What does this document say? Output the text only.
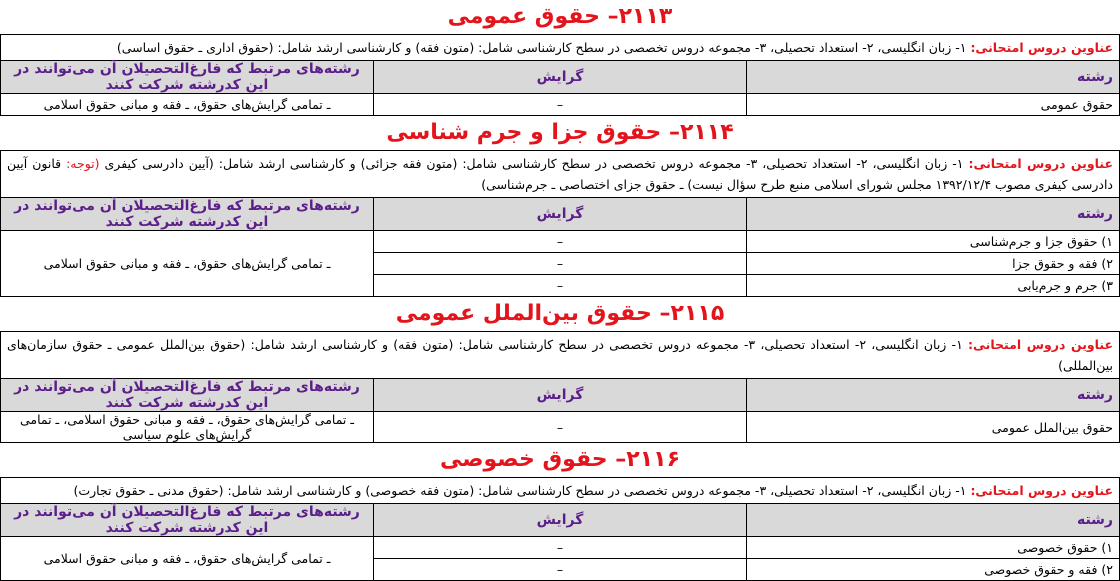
۲۱۱۳– حقوق عمومی
عناوین دروس امتحانی: ۱- زبان انگلیسی، ۲- استعداد تحصیلی، ۳- مجموعه دروس تخصصی در سطح کارشناسی شامل: (متون فقه) و کارشناسی ارشد شامل: (حقوق اداری ـ حقوق اساسی)		
رشته	گرایش	رشته‌های مرتبط که فارغ‌التحصیلان آن می‌توانند در این کدرشته شرکت کنند
حقوق عمومی	–	ـ تمامی گرایش‌های حقوق، ـ فقه و مبانی حقوق اسلامی
۲۱۱۴– حقوق جزا و جرم شناسی
عناوین دروس امتحانی: ۱- زبان انگلیسی، ۲- استعداد تحصیلی، ۳- مجموعه دروس تخصصی در سطح کارشناسی شامل: (متون فقه جزائی) و کارشناسی ارشد شامل: (آیین دادرسی کیفری (توجه: قانون آیین دادرسی کیفری مصوب ۱۳۹۲/۱۲/۴ مجلس شورای اسلامی منبع طرح سؤال نیست) ـ حقوق جزای اختصاصی ـ جرم‌شناسی)		
رشته	گرایش	رشته‌های مرتبط که فارغ‌التحصیلان آن می‌توانند در این کدرشته شرکت کنند
۱) حقوق جزا و جرم‌شناسی	–	ـ تمامی گرایش‌های حقوق، ـ فقه و مبانی حقوق اسلامی
۲) فقه و حقوق جزا	–	
۳) جرم و جرم‌یابی	–	
۲۱۱۵– حقوق بین‌الملل عمومی
عناوین دروس امتحانی: ۱- زبان انگلیسی، ۲- استعداد تحصیلی، ۳- مجموعه دروس تخصصی در سطح کارشناسی شامل: (متون فقه) و کارشناسی ارشد شامل: (حقوق بین‌الملل عمومی ـ حقوق سازمان‌های بین‌المللی)		
رشته	گرایش	رشته‌های مرتبط که فارغ‌التحصیلان آن می‌توانند در این کدرشته شرکت کنند
حقوق بین‌الملل عمومی	–	ـ تمامی گرایش‌های حقوق، ـ فقه و مبانی حقوق اسلامی، ـ تمامی گرایش‌های علوم سیاسی
۲۱۱۶– حقوق خصوصی
عناوین دروس امتحانی: ۱- زبان انگلیسی، ۲- استعداد تحصیلی، ۳- مجموعه دروس تخصصی در سطح کارشناسی شامل: (متون فقه خصوصی) و کارشناسی ارشد شامل: (حقوق مدنی ـ حقوق تجارت)		
رشته	گرایش	رشته‌های مرتبط که فارغ‌التحصیلان آن می‌توانند در این کدرشته شرکت کنند
۱) حقوق خصوصی	–	ـ تمامی گرایش‌های حقوق، ـ فقه و مبانی حقوق اسلامی
۲) فقه و حقوق خصوصی	–	
